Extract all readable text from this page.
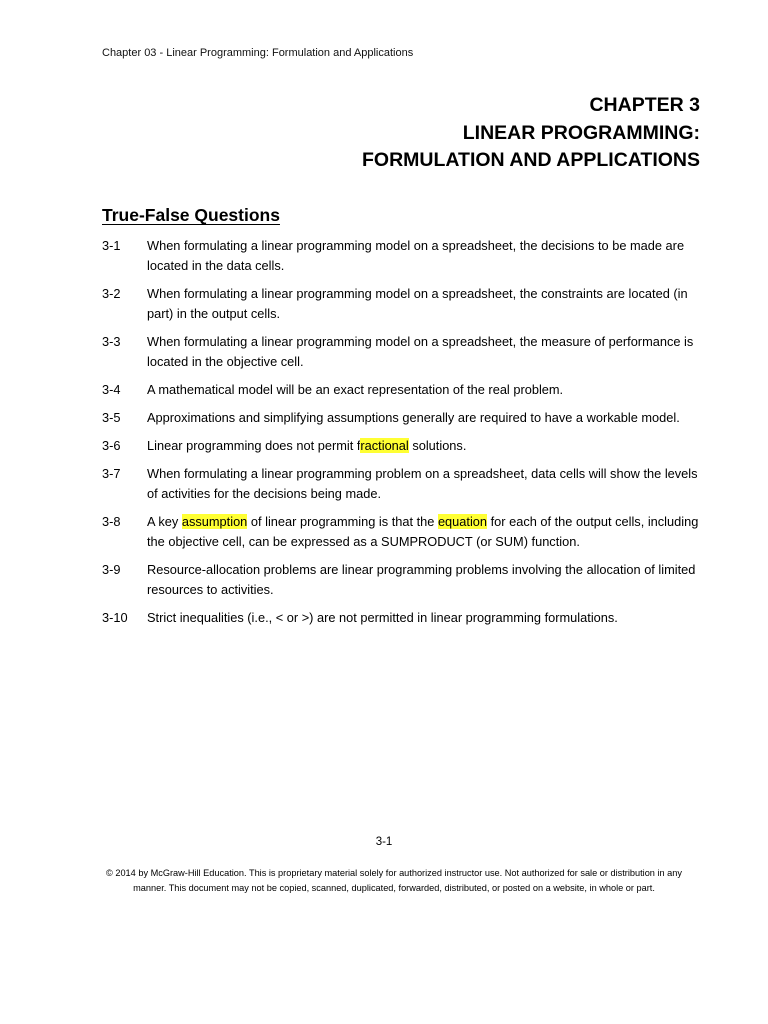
Chapter 03 - Linear Programming: Formulation and Applications
CHAPTER 3
LINEAR PROGRAMMING:
FORMULATION AND APPLICATIONS
True-False Questions
3-1	When formulating a linear programming model on a spreadsheet, the decisions to be made are located in the data cells.
3-2	When formulating a linear programming model on a spreadsheet, the constraints are located (in part) in the output cells.
3-3	When formulating a linear programming model on a spreadsheet, the measure of performance is located in the objective cell.
3-4	A mathematical model will be an exact representation of the real problem.
3-5	Approximations and simplifying assumptions generally are required to have a workable model.
3-6	Linear programming does not permit fractional solutions.
3-7	When formulating a linear programming problem on a spreadsheet, data cells will show the levels of activities for the decisions being made.
3-8	A key assumption of linear programming is that the equation for each of the output cells, including the objective cell, can be expressed as a SUMPRODUCT (or SUM) function.
3-9	Resource-allocation problems are linear programming problems involving the allocation of limited resources to activities.
3-10	Strict inequalities (i.e., < or >) are not permitted in linear programming formulations.
3-1
© 2014 by McGraw-Hill Education. This is proprietary material solely for authorized instructor use. Not authorized for sale or distribution in any manner. This document may not be copied, scanned, duplicated, forwarded, distributed, or posted on a website, in whole or part.
